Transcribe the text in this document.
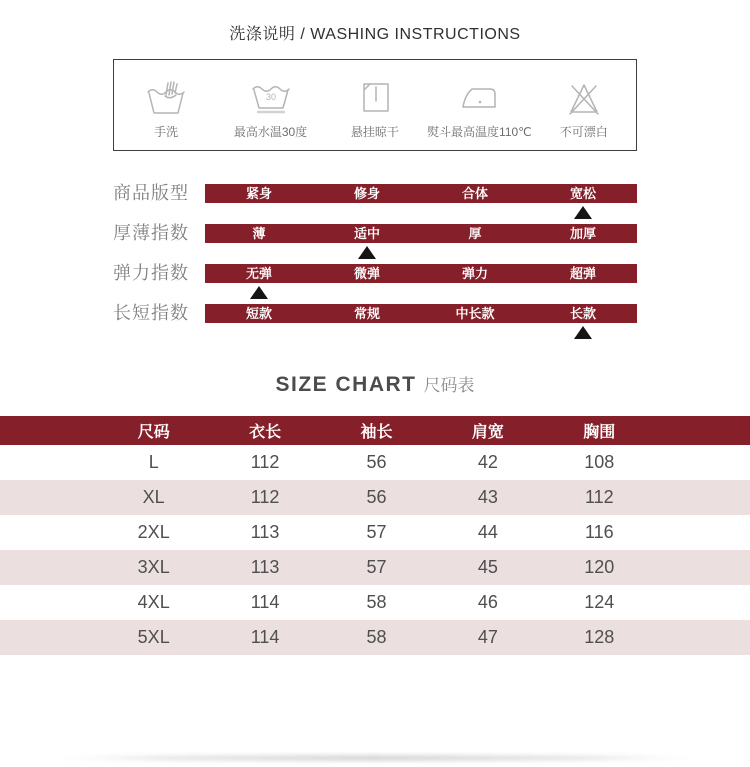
洗涤说明 / WASHING INSTRUCTIONS
手洗
30
最高水温30度	悬挂晾干 熨斗最高温度110℃ 不可漂白
商品版型	紧身	修身	合体	宽松
厚薄指数	薄	适中	厚	加厚
弹力指数	无弹	微弹	弹力	超弹
长短指数	短款	常规	中长款	长款
SIZE CHART 尺码表
尺码	衣长	袖长	肩宽	胸围
L	112	56	42	108
XL	112	56	43	112
2XL	113	57	44	116
3XL	113	57	45	120
4XL	114	58	46	124
5XL	114	58	47	128
